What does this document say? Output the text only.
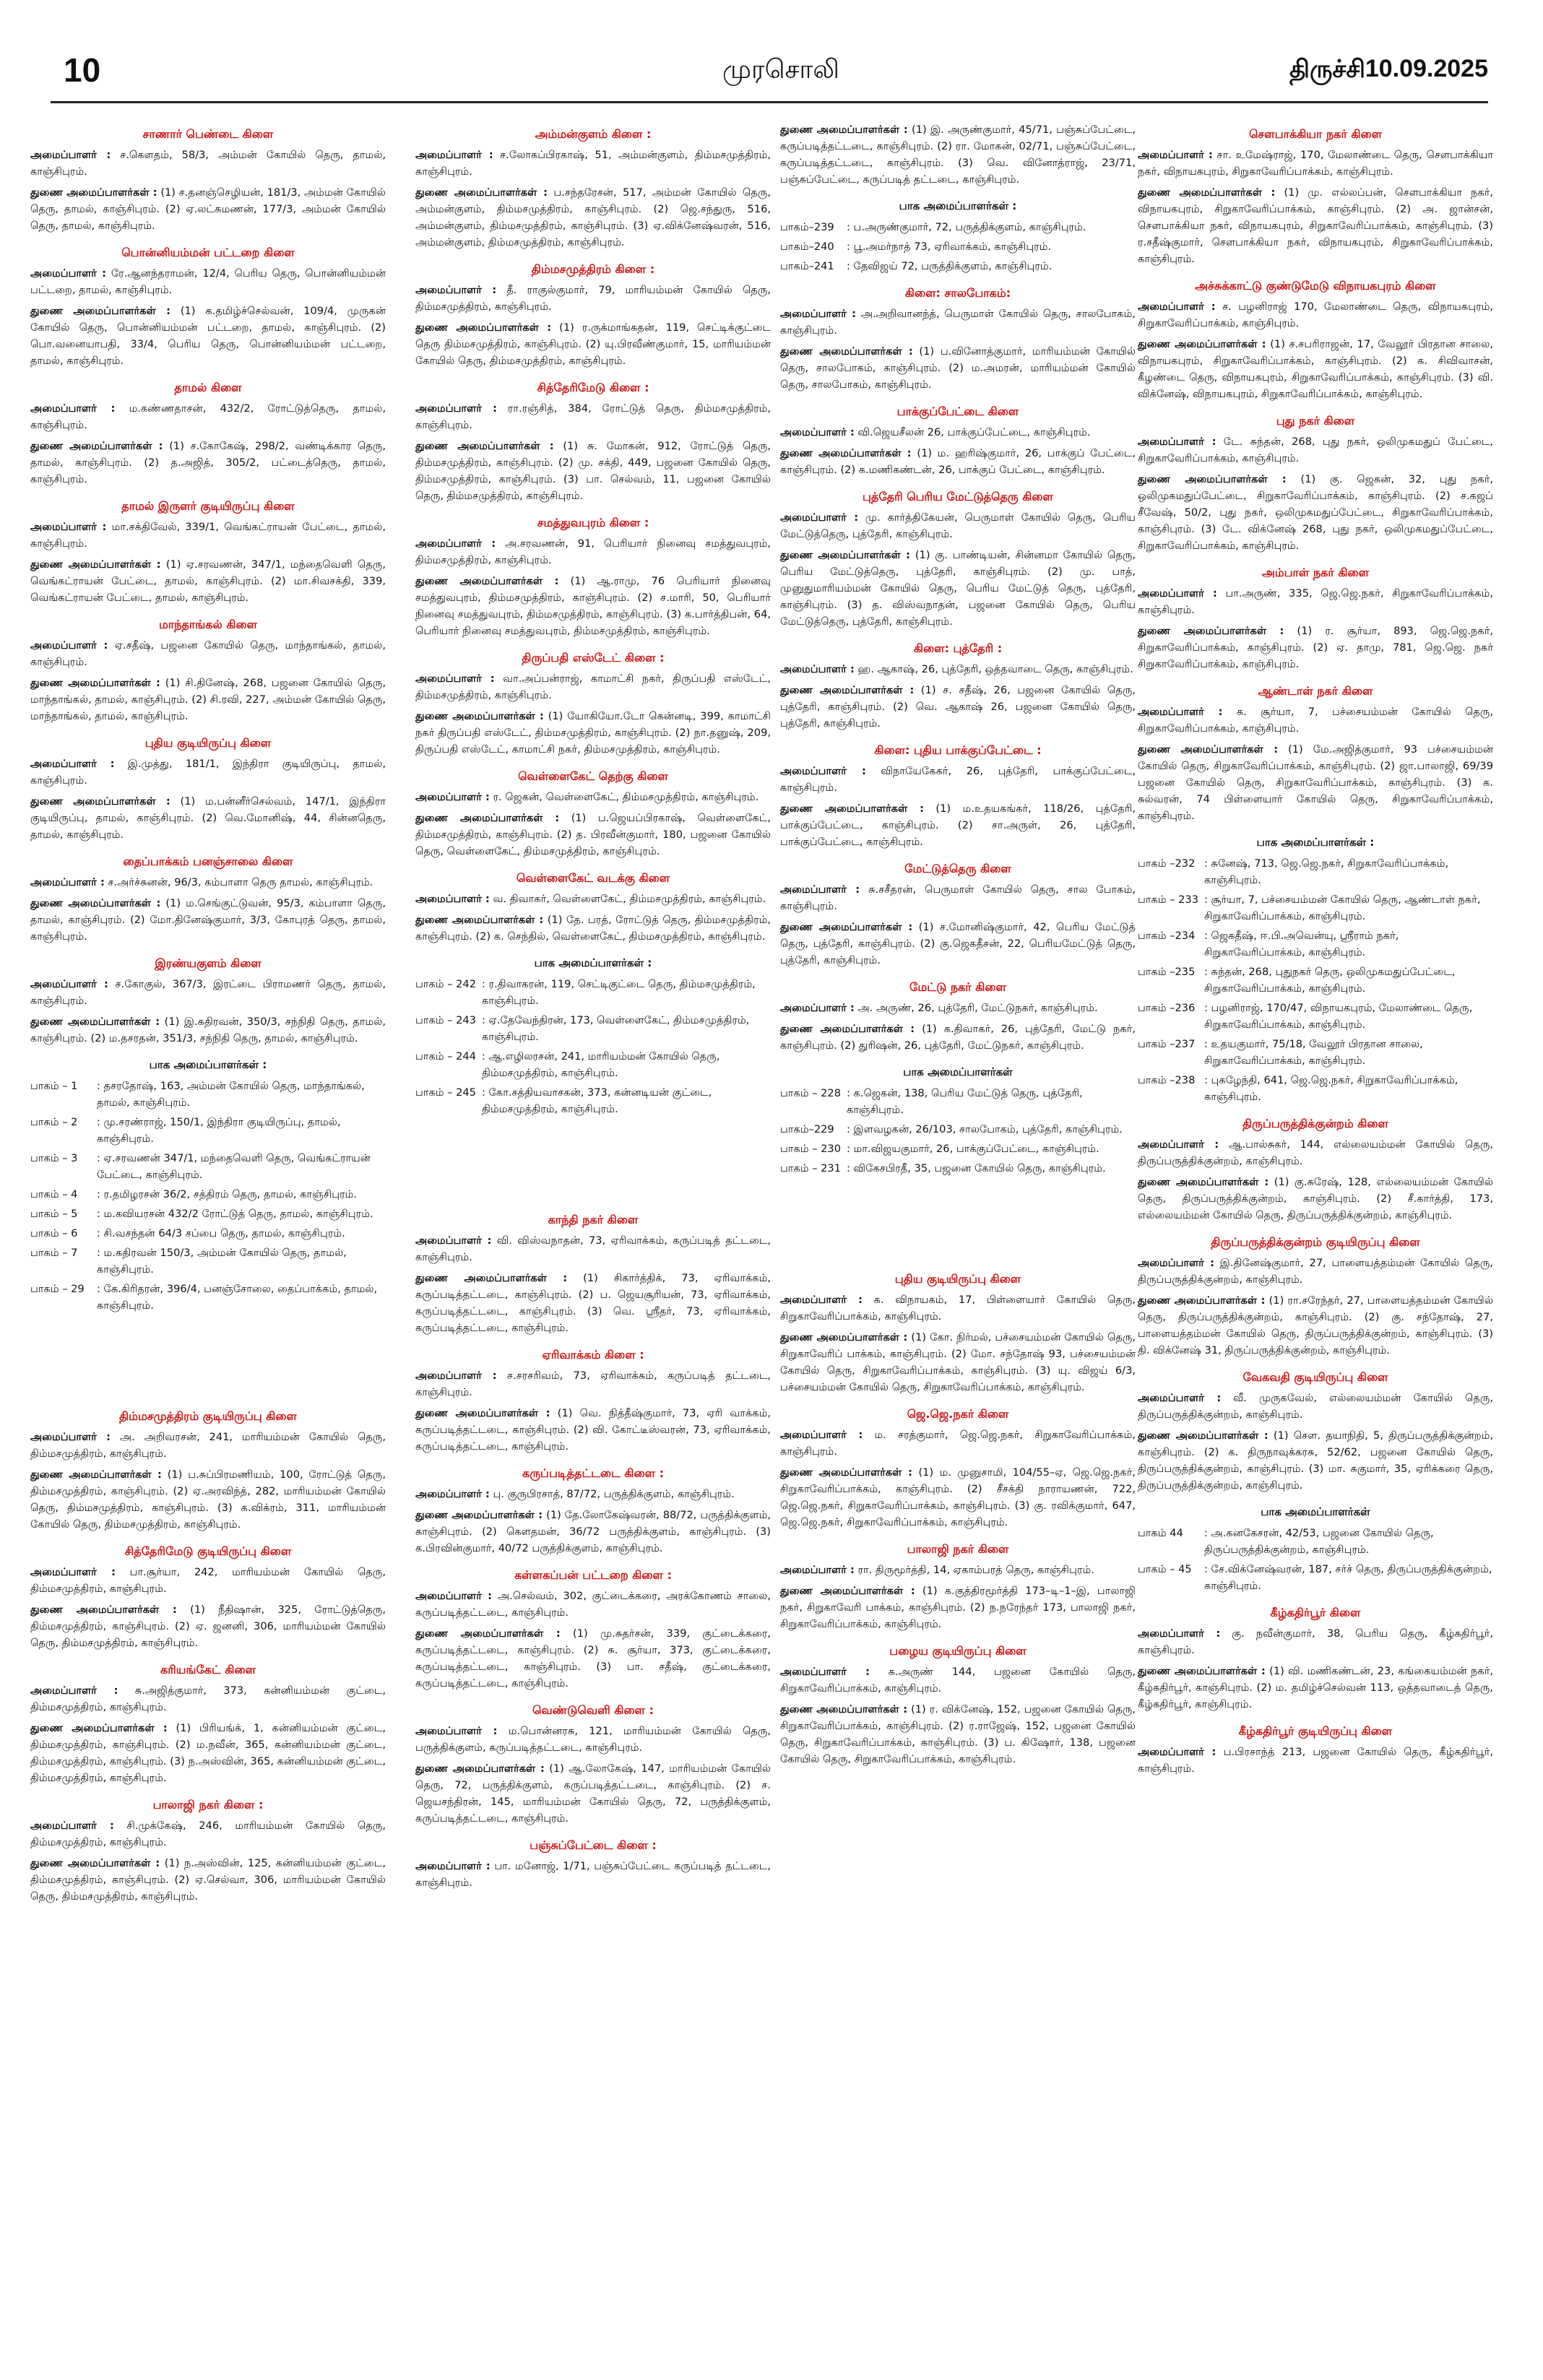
10	முரசொலி	திருச்சி 10.09.2025
சாணார் பெண்டை கிளை

அமைப்பாளர் : ச.கௌதம், 58/3, அம்மன் கோயில் தெரு, தாமல், காஞ்சிபுரம்.

துணை அமைப்பாளர்கள் : (1) ச.தனஞ்செழியன், 181/3, அம்மன் கோயில் தெரு, தாமல், காஞ்சிபுரம். (2) ஏ.லட்சுமணன், 177/3, அம்மன் கோயில் தெரு, தாமல், காஞ்சிபுரம்.

பொன்னியம்மன் பட்டறை கிளை

அமைப்பாளர் : ரே.ஆனந்தராமன், 12/4, பெரிய தெரு, பொன்னியம்மன் பட்டறை, தாமல், காஞ்சிபுரம்.

துணை அமைப்பாளர்கள் : (1) க.தமிழ்ச்செல்வன், 109/4, முருகன் கோயில் தெரு, பொன்னியம்மன் பட்டறை, தாமல், காஞ்சிபுரம். (2) பொ.வனையாபதி, 33/4, பெரிய தெரு, பொன்னியம்மன் பட்டறை, தாமல், காஞ்சிபுரம்.

தாமல் கிளை

அமைப்பாளர் : ம.கண்ணதாசன், 432/2, ரோட்டுத்தெரு, தாமல், காஞ்சிபுரம்.

துணை அமைப்பாளர்கள் : (1) ச.கோகேஷ், 298/2, வண்டிக்கார தெரு, தாமல், காஞ்சிபுரம். (2) த.அஜித், 305/2, பட்டைத்தெரு, தாமல், காஞ்சிபுரம்.

தாமல் இருளர் குடியிருப்பு கிளை

அமைப்பாளர் : மா.சக்திவேல், 339/1, வெங்கட்ராயன் பேட்டை, தாமல், காஞ்சிபுரம்.

துணை அமைப்பாளர்கள் : (1) ஏ.சரவணன், 347/1, மந்தைவெளி தெரு, வெங்கட்ராயன் பேட்டை, தாமல், காஞ்சிபுரம். (2) மா.சிவசக்தி, 339, வெங்கட்ராயன் பேட்டை, தாமல், காஞ்சிபுரம்.

மாந்தாங்கல் கிளை

அமைப்பாளர் : ஏ.சதீஷ், பஜனை கோயில் தெரு, மாந்தாங்கல், தாமல், காஞ்சிபுரம்.

துணை அமைப்பாளர்கள் : (1) சி.தினேஷ், 268, பஜனை கோயில் தெரு, மாந்தாங்கல், தாமல், காஞ்சிபுரம். (2) சி.ரவி, 227, அம்மன் கோயில் தெரு, மாந்தாங்கல், தாமல், காஞ்சிபுரம்.

புதிய குடியிருப்பு கிளை

அமைப்பாளர் : இ.முத்து, 181/1, இந்திரா குடியிருப்பு, தாமல், காஞ்சிபுரம்.

துணை அமைப்பாளர்கள் : (1) ம.பன்னீர்செல்வம், 147/1, இந்திரா குடியிருப்பு, தாமல், காஞ்சிபுரம். (2) வெ.மோனிஷ், 44, சின்னதெரு, தாமல், காஞ்சிபுரம்.

தைப்பாக்கம் பனஞ்சாலை கிளை

அமைப்பாளர் : ச.அர்ச்சுனன், 96/3, கம்பாளா தெரு தாமல், காஞ்சிபுரம்.

துணை அமைப்பாளர்கள் : (1) ம.செங்குட்டுவன், 95/3, கம்பாளா தெரு, தாமல், காஞ்சிபுரம். (2) மோ.தினேஷ்குமார், 3/3, கோபுரத் தெரு, தாமல், காஞ்சிபுரம்.

இரண்யகுளம் கிளை

அமைப்பாளர் : ச.கோகுல், 367/3, இரட்டை பிராமணர் தெரு, தாமல், காஞ்சிபுரம்.

துணை அமைப்பாளர்கள் : (1) இ.கதிரவன், 350/3, சந்நிதி தெரு, தாமல், காஞ்சிபுரம். (2) ம.தசரதன், 351/3, சந்நிதி தெரு, தாமல், காஞ்சிபுரம்.

பாக அமைப்பாளர்கள் :
பாகம் – 1	: தசரதோஷ், 163, அம்மன் கோயில் தெரு, மாந்தாங்கல், தாமல், காஞ்சிபுரம்.
பாகம் – 2	: மு.சரண்ராஜ், 150/1, இந்திரா குடியிருப்பு, தாமல், காஞ்சிபுரம்.
பாகம் – 3	: ஏ.சரவணன் 347/1, மந்தைவெளி தெரு, வெங்கட்ராயன் பேட்டை, காஞ்சிபுரம்.
பாகம் – 4	: ர.தமிழரசன் 36/2, சத்திரம் தெரு, தாமல், காஞ்சிபுரம்.
பாகம் – 5	: ம.கவியரசன் 432/2 ரோட்டுத் தெரு, தாமல், காஞ்சிபுரம்.
பாகம் – 6	: சி.வசந்தன் 64/3 சப்பை தெரு, தாமல், காஞ்சிபுரம்.
பாகம் – 7	: ம.கதிரவன் 150/3, அம்மன் கோயில் தெரு, தாமல், காஞ்சிபுரம்.
பாகம் – 29	: கே.கிரிதரன், 396/4, பனஞ்சோலை, தைப்பாக்கம், தாமல், காஞ்சிபுரம்.
திம்மசமுத்திரம் குடியிருப்பு கிளை

அமைப்பாளர் : அ. அறிவரசன், 241, மாரியம்மன் கோயில் தெரு, திம்மசமுத்திரம், காஞ்சிபுரம்.

துணை அமைப்பாளர்கள் : (1) ப.சுப்பிரமணியம், 100, ரோட்டுத் தெரு, திம்மசமுத்திரம், காஞ்சிபுரம். (2) ஏ.அரவிந்த், 282, மாரியம்மன் கோயில் தெரு, திம்மசமுத்திரம், காஞ்சிபுரம். (3) க.விக்ரம், 311, மாரியம்மன் கோயில் தெரு, திம்மசமுத்திரம், காஞ்சிபுரம்.

சித்தேரிமேடு குடியிருப்பு கிளை

அமைப்பாளர் : பா.சூர்யா, 242, மாரியம்மன் கோயில் தெரு, திம்மசமுத்திரம், காஞ்சிபுரம்.

துணை அமைப்பாளர்கள் : (1) நீதிஷான், 325, ரோட்டுத்தெரு, திம்மசமுத்திரம், காஞ்சிபுரம். (2) ஏ. ஜனனி, 306, மாரியம்மன் கோயில் தெரு, திம்மசமுத்திரம், காஞ்சிபுரம்.

கரியங்கேட் கிளை

அமைப்பாளர் : சு.அஜித்குமார், 373, கன்னியம்மன் குட்டை, திம்மசமுத்திரம், காஞ்சிபுரம்.

துணை அமைப்பாளர்கள் : (1) பிரியங்க், 1, கன்னியம்மன் குட்டை, திம்மசமுத்திரம், காஞ்சிபுரம். (2) ம.நவீன், 365, கன்னியம்மன் குட்டை, திம்மசமுத்திரம், காஞ்சிபுரம். (3) ந.அஸ்வின், 365, கன்னியம்மன் குட்டை, திம்மசமுத்திரம், காஞ்சிபுரம்.

பாலாஜி நகர் கிளை :

அமைப்பாளர் : சி.முக்கேஷ், 246, மாரியம்மன் கோயில் தெரு, திம்மசமுத்திரம், காஞ்சிபுரம்.

துணை அமைப்பாளர்கள் : (1) ந.அஸ்வின், 125, கன்னியம்மன் குட்டை, திம்மசமுத்திரம், காஞ்சிபுரம். (2) ஏ.செல்வா, 306, மாரியம்மன் கோயில் தெரு, திம்மசமுத்திரம், காஞ்சிபுரம்.

அம்மன்குளம் கிளை :

அமைப்பாளர் : ச.லோகப்பிரகாஷ், 51, அம்மன்குளம், திம்மசமுத்திரம், காஞ்சிபுரம்.

துணை அமைப்பாளர்கள் : ப.சந்தரேசன், 517, அம்மன் கோயில் தெரு, அம்மன்குளம், திம்மசமுத்திரம், காஞ்சிபுரம். (2) ஜெ.சந்துரு, 516, அம்மன்குளம், திம்மசமுத்திரம், காஞ்சிபுரம். (3) ஏ.விக்னேஷ்வரன், 516, அம்மன்குளம், திம்மசமுத்திரம், காஞ்சிபுரம்.

திம்மசமுத்திரம் கிளை :

அமைப்பாளர் : தீ. ராகுல்குமார், 79, மாரியம்மன் கோயில் தெரு, திம்மசமுத்திரம், காஞ்சிபுரம்.

துணை அமைப்பாளர்கள் : (1) ர.ருக்மாங்கதன், 119, செட்டிக்குட்டை தெரு திம்மசமுத்திரம், காஞ்சிபுரம். (2) யு.பிரவீண்குமார், 15, மாரியம்மன் கோயில் தெரு, திம்மசமுத்திரம், காஞ்சிபுரம்.

சித்தேரிமேடு கிளை :

அமைப்பாளர் : ரா.ரஞ்சித், 384, ரோட்டுத் தெரு, திம்மசமுத்திரம், காஞ்சிபுரம்.

துணை அமைப்பாளர்கள் : (1) சு. மோகன், 912, ரோட்டுத் தெரு, திம்மசமுத்திரம், காஞ்சிபுரம். (2) மு. சக்தி, 449, பஜனை கோயில் தெரு, திம்மசமுத்திரம், காஞ்சிபுரம். (3) பா. செல்வம், 11, பஜனை கோயில் தெரு, திம்மசமுத்திரம், காஞ்சிபுரம்.

சமத்துவபுரம் கிளை :

அமைப்பாளர் : அ.சரவணன், 91, பெரியார் நினைவு சமத்துவபுரம், திம்மசமுத்திரம், காஞ்சிபுரம்.

துணை அமைப்பாளர்கள் : (1) ஆ.ராமு, 76 பெரியார் நினைவு சமத்துவபுரம், திம்மசமுத்திரம், காஞ்சிபுரம். (2) ச.மாரி, 50, பெரியார் நினைவு சமத்துவபுரம், திம்மசமுத்திரம், காஞ்சிபுரம். (3) க.பார்த்திபன், 64, பெரியார் நினைவு சமத்துவபுரம், திம்மசமுத்திரம், காஞ்சிபுரம்.

திருப்பதி எஸ்டேட் கிளை :

அமைப்பாளர் : வா.அப்பன்ராஜ், காமாட்சி நகர், திருப்பதி எஸ்டேட், திம்மசமுத்திரம், காஞ்சிபுரம்.

துணை அமைப்பாளர்கள் : (1) யோகியோ.டோ கென்னடி, 399, காமாட்சி நகர் திருப்பதி எஸ்டேட், திம்மசமுத்திரம், காஞ்சிபுரம். (2) நா.தனுஷ், 209, திருப்பதி எஸ்டேட், காமாட்சி நகர், திம்மசமுத்திரம், காஞ்சிபுரம்.

வெள்ளைகேட் தெற்கு கிளை

அமைப்பாளர் : ர. ஜெகன், வெள்ளைகேட், திம்மசமுத்திரம், காஞ்சிபுரம்.

துணை அமைப்பாளர்கள் : (1) ப.ஜெயப்பிரகாஷ், வெள்ளைகேட், திம்மசமுத்திரம், காஞ்சிபுரம். (2) த. பிரவீன்குமார், 180, பஜனை கோயில் தெரு, வெள்ளைகேட், திம்மசமுத்திரம், காஞ்சிபுரம்.

வெள்ளைகேட் வடக்கு கிளை

அமைப்பாளர் : வ. திவாகர், வெள்ளைகேட், திம்மசமுத்திரம், காஞ்சிபுரம்.

துணை அமைப்பாளர்கள் : (1) தே. பரத், ரோட்டுத் தெரு, திம்மசமுத்திரம், காஞ்சிபுரம். (2) க. செந்தில், வெள்ளைகேட், திம்மசமுத்திரம், காஞ்சிபுரம்.

பாக அமைப்பாளர்கள் :
பாகம் – 242 : ர.திவாகரன், 119, செட்டிகுட்டை தெரு, திம்மசமுத்திரம், காஞ்சிபுரம்.
பாகம் – 243 : ஏ.தேவேந்திரன், 173, வெள்ளைகேட், திம்மசமுத்திரம், காஞ்சிபுரம்.
பாகம் – 244 : ஆ.எழிலரசன், 241, மாரியம்மன் கோயில் தெரு, திம்மசமுத்திரம், காஞ்சிபுரம்.
பாகம் – 245 : கோ.சத்தியவாசகன், 373, கன்னடியன் குட்டை, திம்மசமுத்திரம், காஞ்சிபுரம்.
காந்தி நகர் கிளை

அமைப்பாளர் : வி. விஸ்வநாதன், 73, ஏரிவாக்கம், கருப்படித் தட்டடை, காஞ்சிபுரம்.

துணை அமைப்பாளர்கள் : (1) சிகார்த்திக், 73, ஏரிவாக்கம், கருப்படித்தட்டடை, காஞ்சிபுரம். (2) ப. ஜெயசூரியன், 73, ஏரிவாக்கம், கருப்படித்தட்டடை, காஞ்சிபுரம். (3) வெ. ஸ்ரீதர், 73, ஏரிவாக்கம், கருப்படித்தட்டடை, காஞ்சிபுரம்.

ஏரிவாக்கம் கிளை :

அமைப்பாளர் : ச.சரசரிவம், 73, ஏரிவாக்கம், கருப்படித் தட்டடை, காஞ்சிபுரம்.

துணை அமைப்பாளர்கள் : (1) வெ. நித்தீஷ்குமார், 73, ஏரி வாக்கம், கருப்படித்தட்டடை, காஞ்சிபுரம். (2) வி. கோட்டீஸ்வரன், 73, ஏரிவாக்கம், கருப்படித்தட்டடை, காஞ்சிபுரம்.

கருப்படித்தட்டடை கிளை :

அமைப்பாளர் : பு. குருபிரசாத், 87/72, பருத்திக்குளம், காஞ்சிபுரம்.

துணை அமைப்பாளர்கள் : (1) தே.லோகேஷ்வரன், 88/72, பருத்திக்குளம், காஞ்சிபுரம். (2) கௌதமன், 36/72 பருத்திக்குளம், காஞ்சிபுரம். (3) க.பிரவின்குமார், 40/72 பருத்திக்குளம், காஞ்சிபுரம்.

கள்ளகப்பன் பட்டறை கிளை :

அமைப்பாளர் : அ.செல்வம், 302, குட்டைக்கரை, அரக்கோணம் சாலை, கருப்படித்தட்டடை, காஞ்சிபுரம்.

துணை அமைப்பாளர்கள் : (1) மு.சுதர்சன், 339, குட்டைக்கரை, கருப்படித்தட்டடை, காஞ்சிபுரம். (2) சு. சூர்யா, 373, குட்டைக்கரை, கருப்படித்தட்டடை, காஞ்சிபுரம். (3) பா. சதீஷ், குட்டைக்கரை, கருப்படித்தட்டடை, காஞ்சிபுரம்.

வெண்டுவெளி கிளை :

அமைப்பாளர் : ம.பொன்னரசு, 121, மாரியம்மன் கோயில் தெரு, பருத்திக்குளம், கருப்படித்தட்டடை, காஞ்சிபுரம்.

துணை அமைப்பாளர்கள் : (1) ஆ.லோகேஷ், 147, மாரியம்மன் கோயில் தெரு, 72, பருத்திக்குளம், கருப்படித்தட்டடை, காஞ்சிபுரம். (2) ச. ஜெயசந்திரன், 145, மாரியம்மன் கோயில் தெரு, 72, பருத்திக்குளம், கருப்படித்தட்டடை, காஞ்சிபுரம்.

பஞ்சுப்பேட்டை கிளை :

அமைப்பாளர் : பா. மனோஜ், 1/71, பஞ்சுப்பேட்டை கருப்படித் தட்டடை, காஞ்சிபுரம்.

துணை அமைப்பாளர்கள் : (1) இ. அருண்குமார், 45/71, பஞ்சுப்பேட்டை, கருப்படித்தட்டடை, காஞ்சிபுரம். (2) ரா. மோகன், 02/71, பஞ்சுப்பேட்டை, கருப்படித்தட்டடை, காஞ்சிபுரம். (3) வெ. வினோத்ராஜ், 23/71, பஞ்சுப்பேட்டை, கருப்படித் தட்டடை, காஞ்சிபுரம்.

பாக அமைப்பாளர்கள் :
பாகம்–239	: ப.அருண்குமார், 72, பருத்திக்குளம், காஞ்சிபுரம்.
பாகம்–240	: பூ.அமர்நாத் 73, ஏரிவாக்கம், காஞ்சிபுரம்.
பாகம்–241	: தேவிஜய் 72, பருத்திக்குளம், காஞ்சிபுரம்.
கிளை: சாலபோகம்:

அமைப்பாளர் : அ.அறிவானந்த், பெருமாள் கோயில் தெரு, சாலபோகம், காஞ்சிபுரம்.

துணை அமைப்பாளர்கள் : (1) ப.வினோத்குமார், மாரியம்மன் கோயில் தெரு, சாலபோகம், காஞ்சிபுரம். (2) ம.அமரன், மாரியம்மன் கோயில் தெரு, சாலபோகம், காஞ்சிபுரம்.

பாக்குப்பேட்டை கிளை

அமைப்பாளர் : வி.ஜெயசீலன் 26, பாக்குப்பேட்டை, காஞ்சிபுரம்.

துணை அமைப்பாளர்கள் : (1) ம. ஹரிஷ்குமார், 26, பாக்குப் பேட்டை, காஞ்சிபுரம். (2) க.மணிகண்டன், 26, பாக்குப் பேட்டை, காஞ்சிபுரம்.

புத்தேரி பெரிய மேட்டுத்தெரு கிளை

அமைப்பாளர் : மு. கார்த்திகேயன், பெருமாள் கோயில் தெரு, பெரிய மேட்டுத்தெரு, புத்தேரி, காஞ்சிபுரம்.

துணை அமைப்பாளர்கள் : (1) கு. பாண்டியன், சின்னமா கோயில் தெரு, பெரிய மேட்டுத்தெரு, புத்தேரி, காஞ்சிபுரம். (2) மு. பாத், முனுதுமாரியம்மன் கோயில் தெரு, பெரிய மேட்டுத் தெரு, புத்தேரி, காஞ்சிபுரம். (3) த. விஸ்வநாதன், பஜனை கோயில் தெரு, பெரிய மேட்டுத்தெரு, புத்தேரி, காஞ்சிபுரம்.

கிளை: புத்தேரி :

அமைப்பாளர் : ஹ. ஆகாஷ், 26, புத்தேரி, ஒத்தவாடை தெரு, காஞ்சிபுரம்.

துணை அமைப்பாளர்கள் : (1) ச. சதீஷ், 26, பஜனை கோயில் தெரு, புத்தேரி, காஞ்சிபுரம். (2) வெ. ஆகாஷ் 26, பஜனை கோயில் தெரு, புத்தேரி, காஞ்சிபுரம்.

கிளை: புதிய பாக்குப்பேட்டை :

அமைப்பாளர் : விநாயேகேகர், 26, புத்தேரி, பாக்குப்பேட்டை, காஞ்சிபுரம்.

துணை அமைப்பாளர்கள் : (1) ம.உதயகங்கர், 118/26, புத்தேரி, பாக்குப்பேட்டை, காஞ்சிபுரம். (2) சா.அருள், 26, புத்தேரி, பாக்குப்பேட்டை, காஞ்சிபுரம்.

மேட்டுத்தெரு கிளை

அமைப்பாளர் : சு.சசீதரன், பெருமாள் கோயில் தெரு, சால போகம், காஞ்சிபுரம்.

துணை அமைப்பாளர்கள் : (1) ச.மோனிஷ்குமார், 42, பெரிய மேட்டுத் தெரு, புத்தேரி, காஞ்சிபுரம். (2) கு.ஜெகதீசன், 22, பெரியமேட்டுத் தெரு, புத்தேரி, காஞ்சிபுரம்.

மேட்டு நகர் கிளை

அமைப்பாளர் : அ. அருண், 26, புத்தேரி, மேட்டுநகர், காஞ்சிபுரம்.

துணை அமைப்பாளர்கள் : (1) க.திவாகர், 26, புத்தேரி, மேட்டு நகர், காஞ்சிபுரம். (2) துரிஷன், 26, புத்தேரி, மேட்டுநகர், காஞ்சிபுரம்.

பாக அமைப்பாளர்கள்
பாகம் – 228 : க.ஜெகன், 138, பெரிய மேட்டுத் தெரு, புத்தேரி, காஞ்சிபுரம்.
பாகம்–229	: இளவழகன், 26/103, சாலபோகம், புத்தேரி, காஞ்சிபுரம்.
பாகம் – 230 : மா.விஜயகுமார், 26, பாக்குப்பேட்டை, காஞ்சிபுரம்.
பாகம் – 231 : விகேசபிரதீ, 35, பஜனை கோயில் தெரு, காஞ்சிபுரம்.
புதிய குடியிருப்பு கிளை

அமைப்பாளர் : க. விநாயகம், 17, பிள்ளையார் கோயில் தெரு, சிறுகாவேரிப்பாக்கம், காஞ்சிபுரம்.

துணை அமைப்பாளர்கள் : (1) கோ. நிர்மல், பச்சையம்மன் கோயில் தெரு, சிறுகாவேரிப் பாக்கம், காஞ்சிபுரம். (2) மோ. சந்தோஷ் 93, பச்சையம்மன் கோயில் தெரு, சிறுகாவேரிப்பாக்கம், காஞ்சிபுரம். (3) யு. விஜய் 6/3, பச்சையம்மன் கோயில் தெரு, சிறுகாவேரிப்பாக்கம், காஞ்சிபுரம்.

ஜெ.ஜெ.நகர் கிளை

அமைப்பாளர் : ம. சரத்குமார், ஜெ.ஜெ.நகர், சிறுகாவேரிப்பாக்கம், காஞ்சிபுரம்.

துணை அமைப்பாளர்கள் : (1) ம. முனுசாமி, 104/55–ஏ, ஜெ.ஜெ.நகர், சிறுகாவேரிப்பாக்கம், காஞ்சிபுரம். (2) சீசக்தி நாராயணன், 722, ஜெ.ஜெ.நகர், சிறுகாவேரிப்பாக்கம், காஞ்சிபுரம். (3) கு. ரவிக்குமார், 647, ஜெ.ஜெ.நகர், சிறுகாவேரிப்பாக்கம், காஞ்சிபுரம்.

பாலாஜி நகர் கிளை

அமைப்பாளர் : ரா. திருமூர்த்தி, 14, ஏகாம்பரத் தெரு, காஞ்சிபுரம்.

துணை அமைப்பாளர்கள் : (1) க.குத்திரமூர்த்தி 173–டி–1–இ, பாலாஜி நகர், சிறுகாவேரி பாக்கம், காஞ்சிபுரம். (2) ந.நரேந்தர் 173, பாலாஜி நகர், சிறுகாவேரிப்பாக்கம், காஞ்சிபுரம்.

பழைய குடியிருப்பு கிளை

அமைப்பாளர் : க.அருண் 144, பஜனை கோயில் தெரு, சிறுகாவேரிப்பாக்கம், காஞ்சிபுரம்.

துணை அமைப்பாளர்கள் : (1) ர. விக்னேஷ், 152, பஜனை கோயில் தெரு, சிறுகாவேரிப்பாக்கம், காஞ்சிபுரம். (2) ர.ராஜேஷ், 152, பஜனை கோயில் தெரு, சிறுகாவேரிப்பாக்கம், காஞ்சிபுரம். (3) ப. கிஷோர், 138, பஜனை கோயில் தெரு, சிறுகாவேரிப்பாக்கம், காஞ்சிபுரம்.

சௌபாக்கியா நகர் கிளை

அமைப்பாளர் : சா. உமேஷ்ராஜ், 170, மேலாண்டை தெரு, சௌபாக்கியா நகர், விநாயகபுரம், சிறுகாவேரிப்பாக்கம், காஞ்சிபுரம்.

துணை அமைப்பாளர்கள் : (1) மு. எல்லப்பன், சௌபாக்கியா நகர், விநாயகபுரம், சிறுகாவேரிப்பாக்கம், காஞ்சிபுரம். (2) அ. ஜான்சன், சௌபாக்கியா நகர், விநாயகபுரம், சிறுகாவேரிப்பாக்கம், காஞ்சிபுரம். (3) ர.சதீஷ்குமார், சௌபாக்கியா நகர், விநாயகபுரம், சிறுகாவேரிப்பாக்கம், காஞ்சிபுரம்.

அச்சுக்காட்டு குண்டுமேடு விநாயகபுரம் கிளை

அமைப்பாளர் : ச. பழனிராஜ் 170, மேலாண்டை தெரு, விநாயகபுரம், சிறுகாவேரிப்பாக்கம், காஞ்சிபுரம்.

துணை அமைப்பாளர்கள் : (1) ச.சபரிராஜன், 17, வேலூர் பிரதான சாலை, விநாயகபுரம், சிறுகாவேரிப்பாக்கம், காஞ்சிபுரம். (2) க. சிவிவாசன், கீழண்டை தெரு, விநாயகபுரம், சிறுகாவேரிப்பாக்கம், காஞ்சிபுரம். (3) வி. விக்னேஷ், விநாயகபுரம், சிறுகாவேரிப்பாக்கம், காஞ்சிபுரம்.

புது நகர் கிளை

அமைப்பாளர் : டே. சுந்தன், 268, புது நகர், ஒலிமுகமதுப் பேட்டை, சிறுகாவேரிப்பாக்கம், காஞ்சிபுரம்.

துணை அமைப்பாளர்கள் : (1) கு. ஜெகன், 32, புது நகர், ஒலிமுகமதுப்பேட்டை, சிறுகாவேரிப்பாக்கம், காஞ்சிபுரம். (2) ச.கஜப் சீவேஷ், 50/2, புது நகர், ஒலிமுகமதுப்பேட்டை, சிறுகாவேரிப்பாக்கம், காஞ்சிபுரம். (3) டே. விக்னேஷ் 268, புது நகர், ஒலிமுகமதுப்பேட்டை, சிறுகாவேரிப்பாக்கம், காஞ்சிபுரம்.

அம்பாள் நகர் கிளை

அமைப்பாளர் : பா.அருண், 335, ஜெ.ஜெ.நகர், சிறுகாவேரிப்பாக்கம், காஞ்சிபுரம்.

துணை அமைப்பாளர்கள் : (1) ர. சூர்யா, 893, ஜெ.ஜெ.நகர், சிறுகாவேரிப்பாக்கம், காஞ்சிபுரம். (2) ஏ. தாமு, 781, ஜெ.ஜெ. நகர் சிறுகாவேரிப்பாக்கம், காஞ்சிபுரம்.

ஆண்டாள் நகர் கிளை

அமைப்பாளர் : க. சூர்யா, 7, பச்சையம்மன் கோயில் தெரு, சிறுகாவேரிப்பாக்கம், காஞ்சிபுரம்.

துணை அமைப்பாளர்கள் : (1) மே.அஜித்குமார், 93 பச்சையம்மன் கோயில் தெரு, சிறுகாவேரிப்பாக்கம், காஞ்சிபுரம். (2) ஜா.பாலாஜி, 69/39 பஜனை கோயில் தெரு, சிறுகாவேரிப்பாக்கம், காஞ்சிபுரம். (3) க. சுல்வரன், 74 பிள்ளையார் கோயில் தெரு, சிறுகாவேரிப்பாக்கம், காஞ்சிபுரம்.

பாக அமைப்பாளர்கள் :
பாகம் –232 : சுனேஷ், 713, ஜெ.ஜெ.நகர், சிறுகாவேரிப்பாக்கம், காஞ்சிபுரம்.
பாகம் – 233 : சூர்யா, 7, பச்சையம்மன் கோயில் தெரு, ஆண்டாள் நகர், சிறுகாவேரிப்பாக்கம், காஞ்சிபுரம்.
பாகம் –234 : ஜெகதீஷ், ஈ.பி.அவென்யு, ஸ்ரீராம் நகர், சிறுகாவேரிப்பாக்கம், காஞ்சிபுரம்.
பாகம் –235 : சுந்தன், 268, புதுநகர் தெரு, ஒலிமுகமதுப்பேட்டை, சிறுகாவேரிப்பாக்கம், காஞ்சிபுரம்.
பாகம் –236 : பழனிராஜ், 170/47, விநாயகபுரம், மேலாண்டை தெரு, சிறுகாவேரிப்பாக்கம், காஞ்சிபுரம்.
பாகம் –237 : உதயகுமார், 75/18, வேலூர் பிரதான சாலை, சிறுகாவேரிப்பாக்கம், காஞ்சிபுரம்.
பாகம் –238 : புகழேந்தி, 641, ஜெ.ஜெ.நகர், சிறுகாவேரிப்பாக்கம், காஞ்சிபுரம்.
திருப்பருத்திக்குன்றம் கிளை

அமைப்பாளர் : ஆ.பால்சுகர், 144, எல்லையம்மன் கோயில் தெரு, திருப்பருத்திக்குன்றம், காஞ்சிபுரம்.

துணை அமைப்பாளர்கள் : (1) கு.சுரேஷ், 128, எல்லையம்மன் கோயில் தெரு, திருப்பருத்திக்குன்றம், காஞ்சிபுரம். (2) சீ.கார்த்தி, 173, எல்லையம்மன் கோயில் தெரு, திருப்பருத்திக்குன்றம், காஞ்சிபுரம்.

திருப்பருத்திக்குன்றம் குடியிருப்பு கிளை

அமைப்பாளர் : இ.தினேஷ்குமார், 27, பாளையத்தம்மன் கோயில் தெரு, திருப்பருத்திக்குன்றம், காஞ்சிபுரம்.

துணை அமைப்பாளர்கள் : (1) ரா.சரேந்தர், 27, பாளையத்தம்மன் கோயில் தெரு, திருப்பருத்திக்குன்றம், காஞ்சிபுரம். (2) கு. சந்தோஷ், 27, பாளையத்தம்மன் கோயில் தெரு, திருப்பருத்திக்குன்றம், காஞ்சிபுரம். (3) தி. விக்னேஷ் 31, திருப்பருத்திக்குன்றம், காஞ்சிபுரம்.

வேகவதி குடியிருப்பு கிளை

அமைப்பாளர் : வீ. முருகவேல், எல்லையம்மன் கோயில் தெரு, திருப்பருத்திக்குன்றம், காஞ்சிபுரம்.

துணை அமைப்பாளர்கள் : (1) சௌ. தயாநிதி, 5, திருப்பருத்திக்குன்றம், காஞ்சிபுரம். (2) க. திருநாவுக்கரசு, 52/62, பஜனை கோயில் தெரு, திருப்பருத்திக்குன்றம், காஞ்சிபுரம். (3) மா. சுகுமார், 35, ஏரிக்கரை தெரு, திருப்பருத்திக்குன்றம், காஞ்சிபுரம்.

பாக அமைப்பாளர்கள்
பாகம் 44	: அ.கனகேசரன், 42/53, பஜனை கோயில் தெரு, திருப்பருத்திக்குன்றம், காஞ்சிபுரம்.
பாகம் – 45	: சே.விக்னேஷ்வரன், 187, சர்ச் தெரு, திருப்பருத்திக்குன்றம், காஞ்சிபுரம்.
கீழ்கதிர்பூர் கிளை

அமைப்பாளர் : கு. நவீன்குமார், 38, பெரிய தெரு, கீழ்கதிர்பூர், காஞ்சிபுரம்.

துணை அமைப்பாளர்கள் : (1) வி. மணிகண்டன், 23, கங்கையம்மன் நகர், கீழ்கதிர்பூர், காஞ்சிபுரம். (2) ம. தமிழ்ச்செல்வன் 113, ஒத்தவாடைத் தெரு, கீழ்கதிர்பூர், காஞ்சிபுரம்.

கீழ்கதிர்பூர் குடியிருப்பு கிளை

அமைப்பாளர் : ப.பிரசாந்த் 213, பஜனை கோயில் தெரு, கீழ்கதிர்பூர், காஞ்சிபுரம்.
